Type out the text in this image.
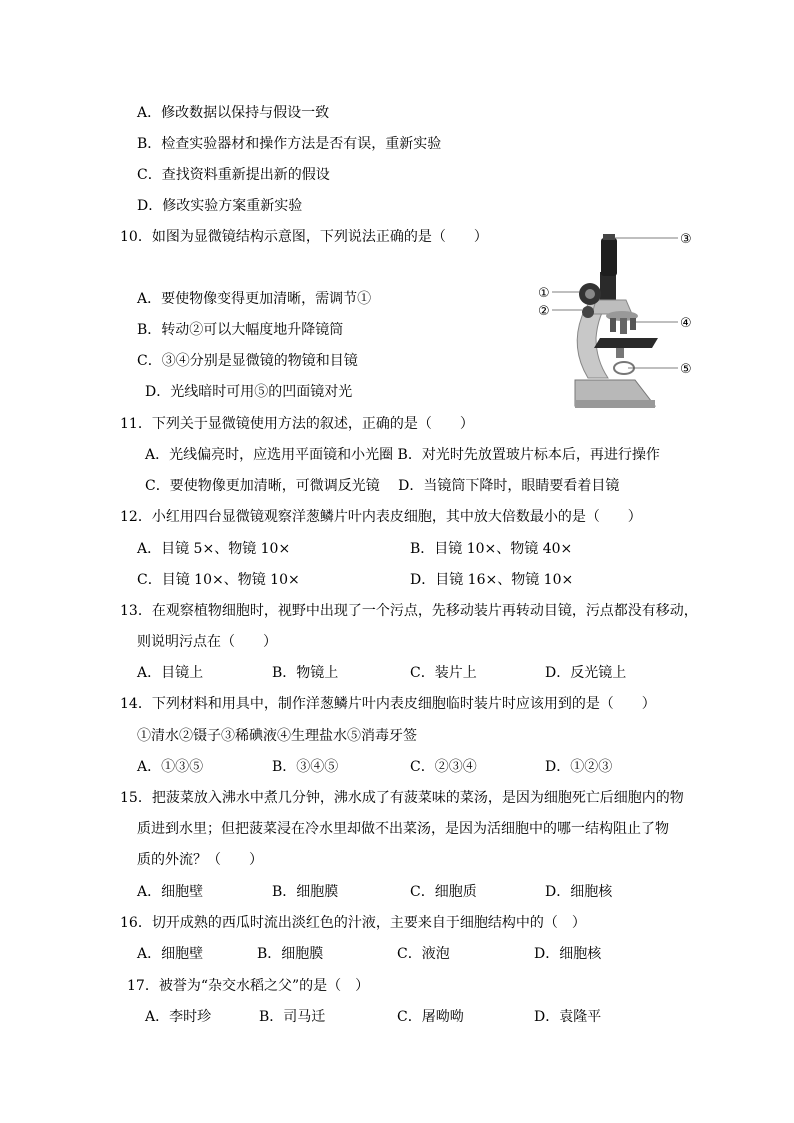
A．修改数据以保持与假设一致
B．检查实验器材和操作方法是否有误，重新实验
C．查找资料重新提出新的假设
D．修改实验方案重新实验
10．如图为显微镜结构示意图，下列说法正确的是（　　）
A．要使物像变得更加清晰，需调节①
B．转动②可以大幅度地升降镜筒
C．③④分别是显微镜的物镜和目镜
D．光线暗时可用⑤的凹面镜对光
③
①
②
④
⑤
11．下列关于显微镜使用方法的叙述，正确的是（　　）
A．光线偏亮时，应选用平面镜和小光圈 B．对光时先放置玻片标本后，再进行操作
C．要使物像更加清晰，可微调反光镜　 D．当镜筒下降时，眼睛要看着目镜
12．小红用四台显微镜观察洋葱鳞片叶内表皮细胞，其中放大倍数最小的是（　　）
A．目镜 5×、物镜 10×	B．目镜 10×、物镜 40×
C．目镜 10×、物镜 10×	D．目镜 16×、物镜 10×
13．在观察植物细胞时，视野中出现了一个污点，先移动装片再转动目镜，污点都没有移动，
则说明污点在（　　）
A．目镜上	B．物镜上	C．装片上	D．反光镜上
14．下列材料和用具中，制作洋葱鳞片叶内表皮细胞临时装片时应该用到的是（　　）
①清水②镊子③稀碘液④生理盐水⑤消毒牙签
A．①③⑤	B．③④⑤	C．②③④	D．①②③
15．把菠菜放入沸水中煮几分钟，沸水成了有菠菜味的菜汤，是因为细胞死亡后细胞内的物
质进到水里；但把菠菜浸在冷水里却做不出菜汤，是因为活细胞中的哪一结构阻止了物
质的外流？（　　）
A．细胞壁	B．细胞膜	C．细胞质	D．细胞核
16．切开成熟的西瓜时流出淡红色的汁液，主要来自于细胞结构中的（　）
A．细胞壁	B．细胞膜	C．液泡	D．细胞核
17．被誉为“杂交水稻之父”的是（　）
A．李时珍	B．司马迁	C．屠呦呦	D．袁隆平
